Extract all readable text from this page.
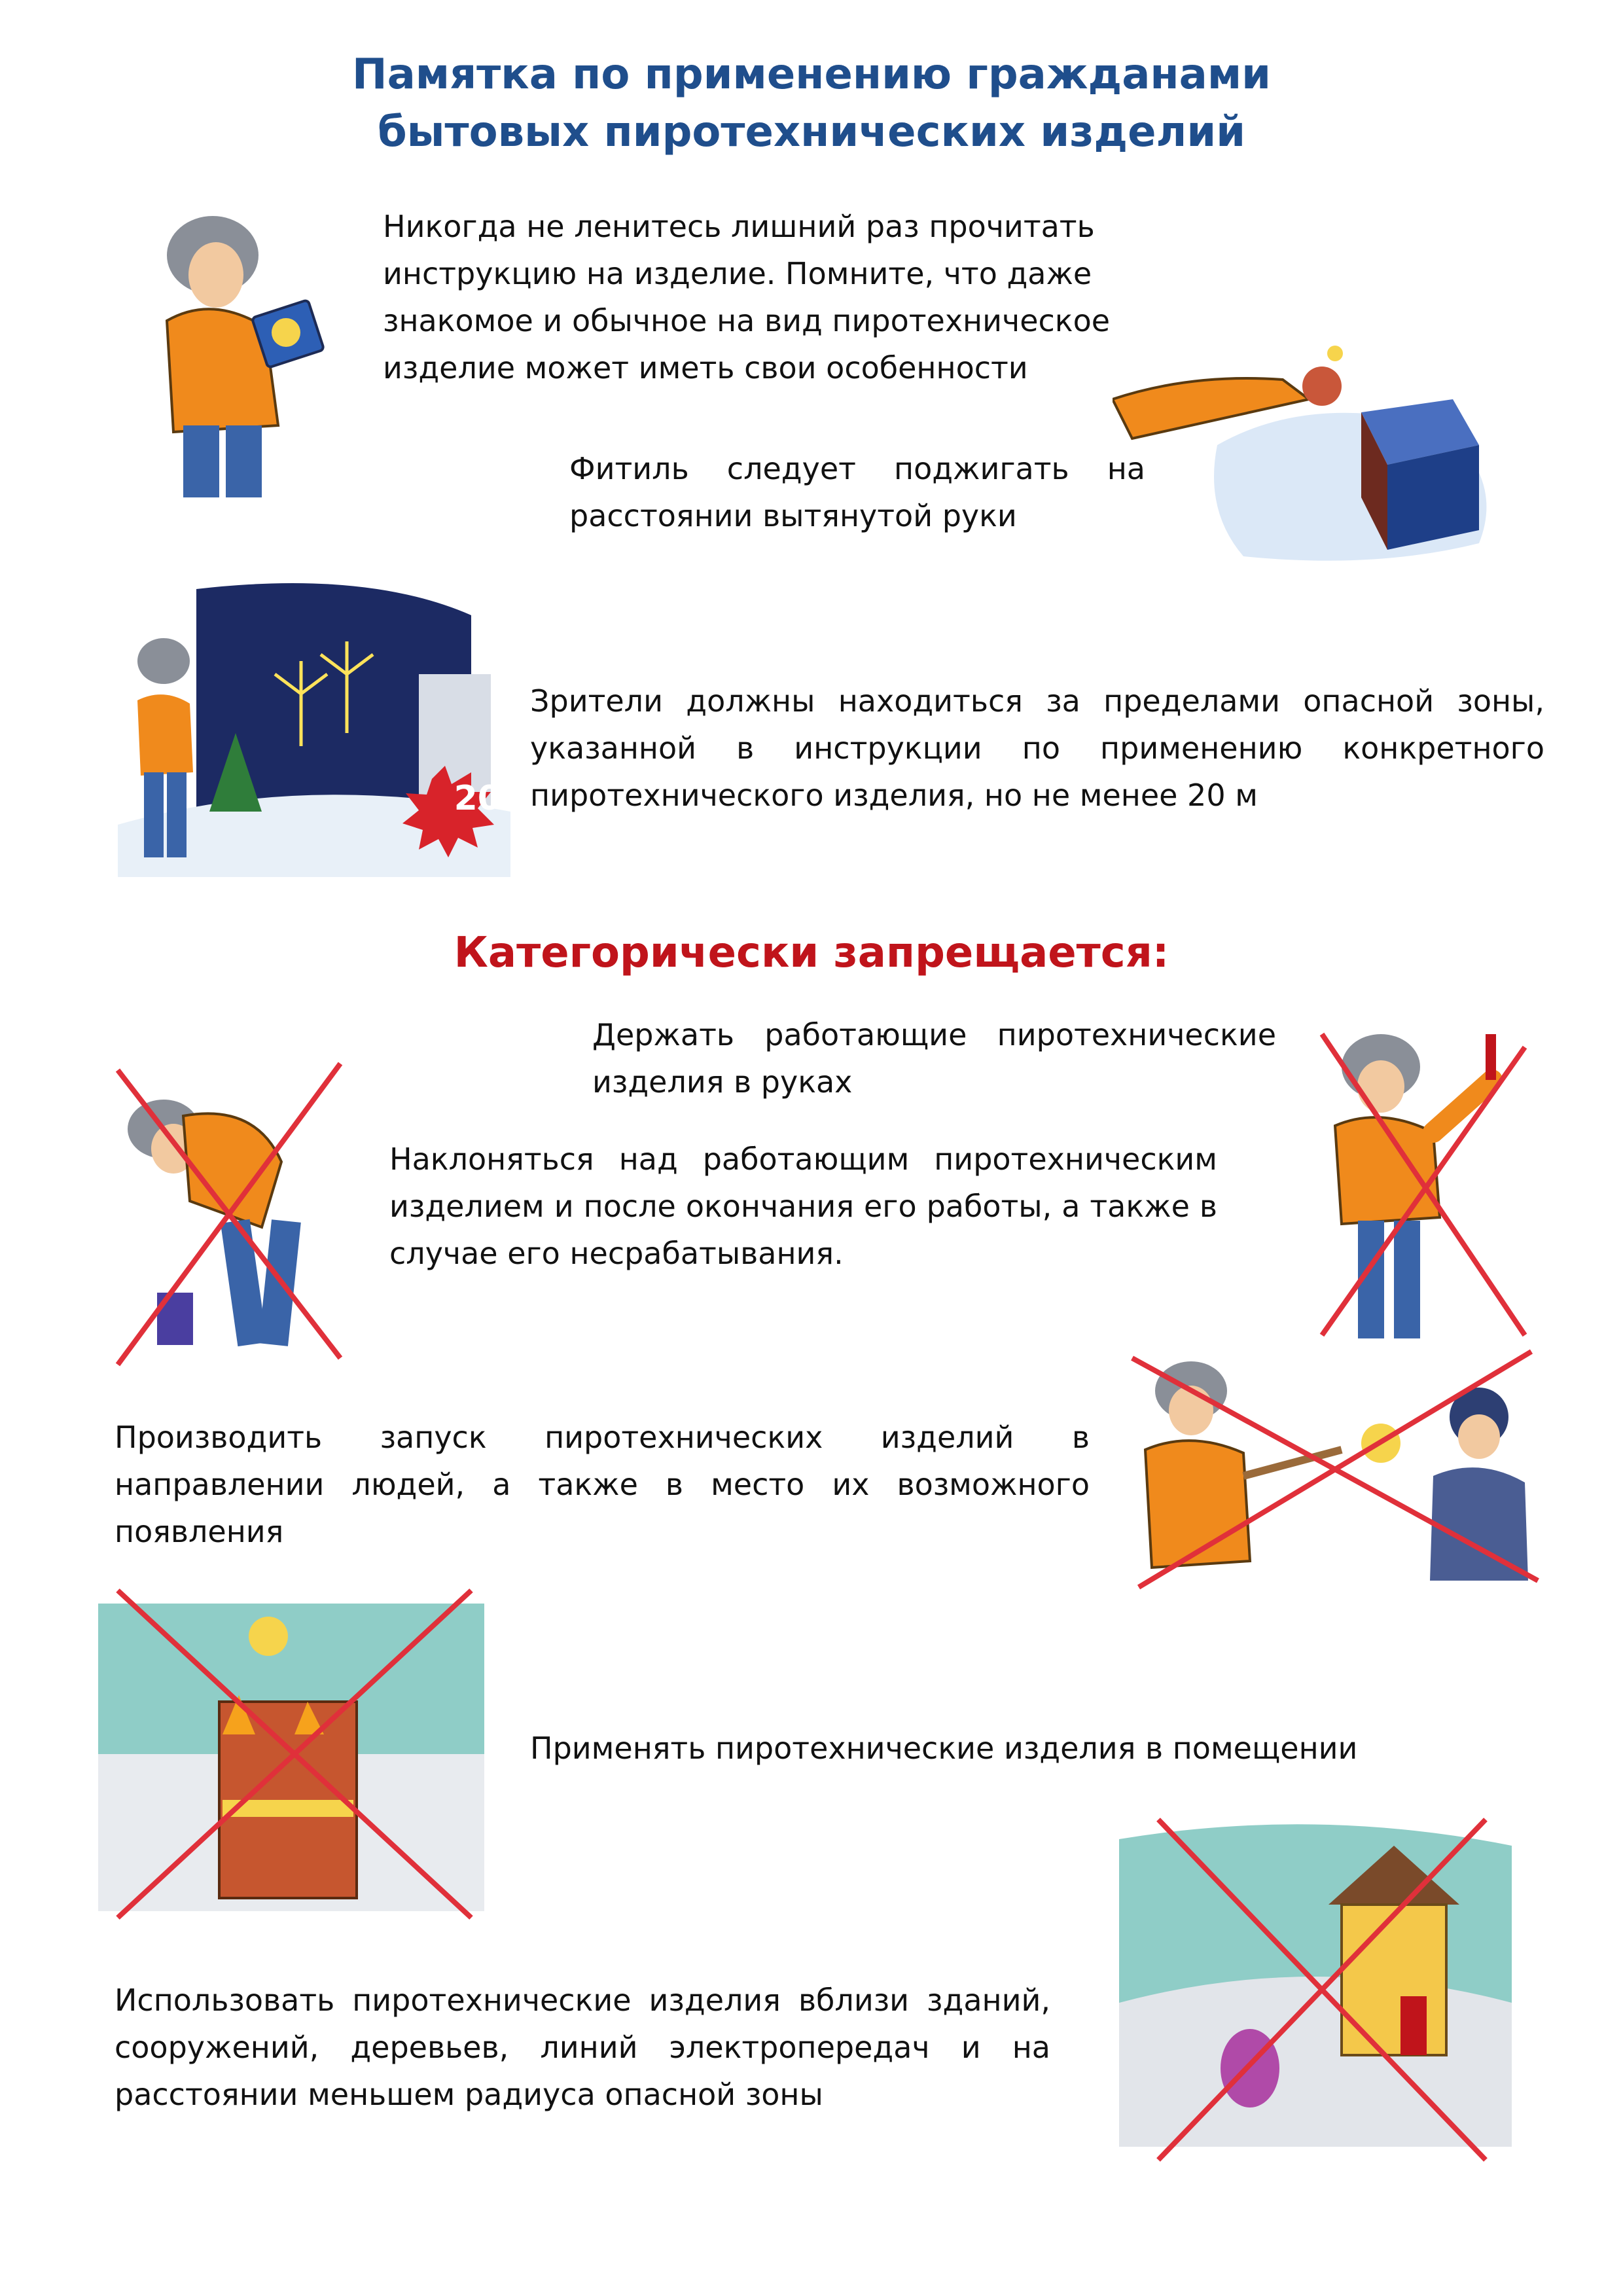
Памятка по применению гражданами
бытовых пиротехнических изделий
Никогда не ленитесь лишний раз прочитать инструкцию на изделие. Помните, что даже знакомое и обычное на вид пиротехническое изделие может иметь свои особенности
Фитиль следует поджигать на расстоянии вытянутой руки
20м
Зрители должны находиться за пределами опасной зоны, указанной в инструкции по применению конкретного пиротехнического изделия, но не менее 20 м
Категорически запрещается:
Держать работающие пиротехнические изделия в руках
Наклоняться над работающим пиротехническим изделием и после окончания его работы, а также в случае его несрабатывания.
Производить запуск пиротехнических изделий в направлении людей, а также в место их возможного появления
Применять пиротехнические изделия в помещении
Использовать пиротехнические изделия вблизи зданий, сооружений, деревьев, линий электропередач и на расстоянии меньшем радиуса опасной зоны
